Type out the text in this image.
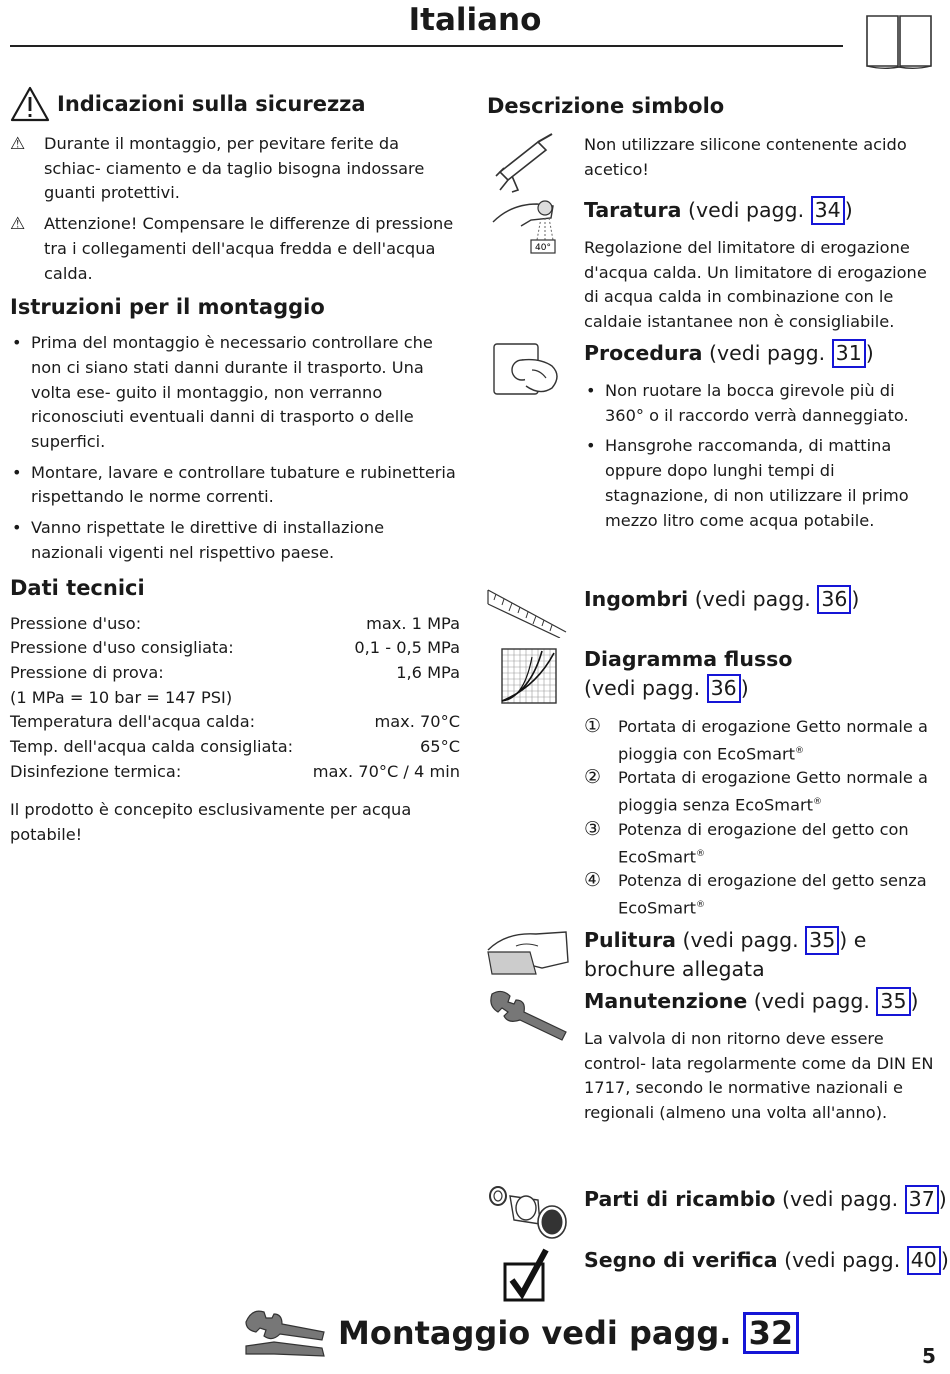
Italiano
Indicazioni sulla sicurezza
⚠	Durante il montaggio, per pevitare ferite da schiac- ciamento e da taglio bisogna indossare guanti protettivi.
⚠	Attenzione! Compensare le differenze di pressione tra i collegamenti dell'acqua fredda e dell'acqua calda.
Istruzioni per il montaggio
• Prima del montaggio è necessario controllare che non ci siano stati danni durante il trasporto. Una volta ese- guito il montaggio, non verranno riconosciuti eventuali danni di trasporto o delle superfici.
• Montare, lavare e controllare tubature e rubinetteria rispettando le norme correnti.
• Vanno rispettate le direttive di installazione nazionali vigenti nel rispettivo paese.
Dati tecnici
Pressione d'uso:	max. 1 MPa
Pressione d'uso consigliata:	0,1 - 0,5 MPa
Pressione di prova:	1,6 MPa
(1 MPa = 10 bar = 147 PSI)
Temperatura dell'acqua calda:	max. 70°C
Temp. dell'acqua calda consigliata:	65°C
Disinfezione termica:	max. 70°C / 4 min
Il prodotto è concepito esclusivamente per acqua potabile!
Descrizione simbolo
Non utilizzare silicone contenente acido acetico!
40°
Taratura (vedi pagg. 34 )
Regolazione del limitatore di erogazione d'acqua calda. Un limitatore di erogazione di acqua calda in combinazione con le caldaie istantanee non è consigliabile.
Procedura (vedi pagg. 31 )
• Non ruotare la bocca girevole più di 360° o il raccordo verrà danneggiato.
• Hansgrohe raccomanda, di mattina oppure dopo lunghi tempi di stagnazione, di non utilizzare il primo mezzo litro come acqua potabile.
Ingombri (vedi pagg. 36 )
Diagramma flusso
(vedi pagg. 36 )
①	Portata di erogazione Getto normale a pioggia con EcoSmart®
②	Portata di erogazione Getto normale a pioggia senza EcoSmart®
③	Potenza di erogazione del getto con EcoSmart®
④	Potenza di erogazione del getto senza EcoSmart®
Pulitura (vedi pagg. 35 ) e brochure allegata
Manutenzione (vedi pagg. 35 )
La valvola di non ritorno deve essere control- lata regolarmente come da DIN EN 1717, secondo le normative nazionali e regionali (almeno una volta all'anno).
Parti di ricambio (vedi pagg. 37 )
Segno di verifica (vedi pagg. 40 )
Montaggio vedi pagg. 32
5
